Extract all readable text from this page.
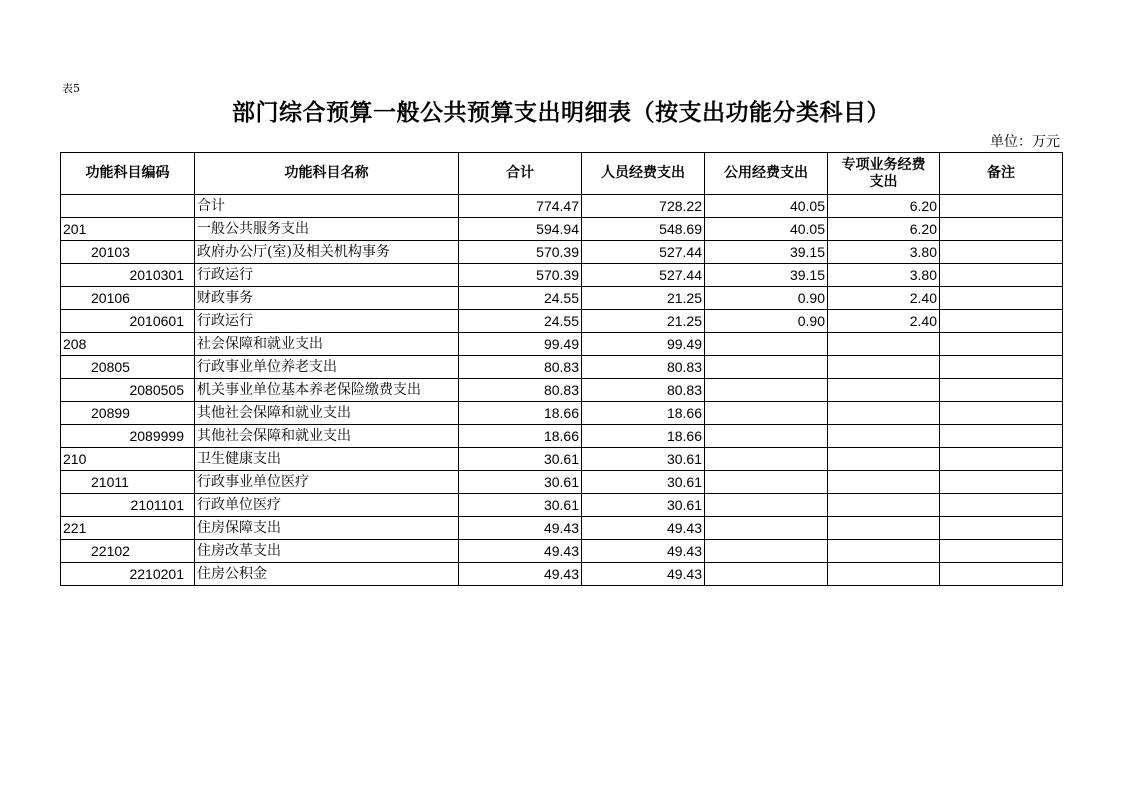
表5
部门综合预算一般公共预算支出明细表（按支出功能分类科目）
单位：万元
功能科目编码	功能科目名称	合计	人员经费支出	公用经费支出	专项业务经费支出	备注
	合计	774.47	728.22	40.05	6.20	
201	一般公共服务支出	594.94	548.69	40.05	6.20	
20103	政府办公厅(室)及相关机构事务	570.39	527.44	39.15	3.80	
2010301	行政运行	570.39	527.44	39.15	3.80	
20106	财政事务	24.55	21.25	0.90	2.40	
2010601	行政运行	24.55	21.25	0.90	2.40	
208	社会保障和就业支出	99.49	99.49			
20805	行政事业单位养老支出	80.83	80.83			
2080505	机关事业单位基本养老保险缴费支出	80.83	80.83			
20899	其他社会保障和就业支出	18.66	18.66			
2089999	其他社会保障和就业支出	18.66	18.66			
210	卫生健康支出	30.61	30.61			
21011	行政事业单位医疗	30.61	30.61			
2101101	行政单位医疗	30.61	30.61			
221	住房保障支出	49.43	49.43			
22102	住房改革支出	49.43	49.43			
2210201	住房公积金	49.43	49.43			
